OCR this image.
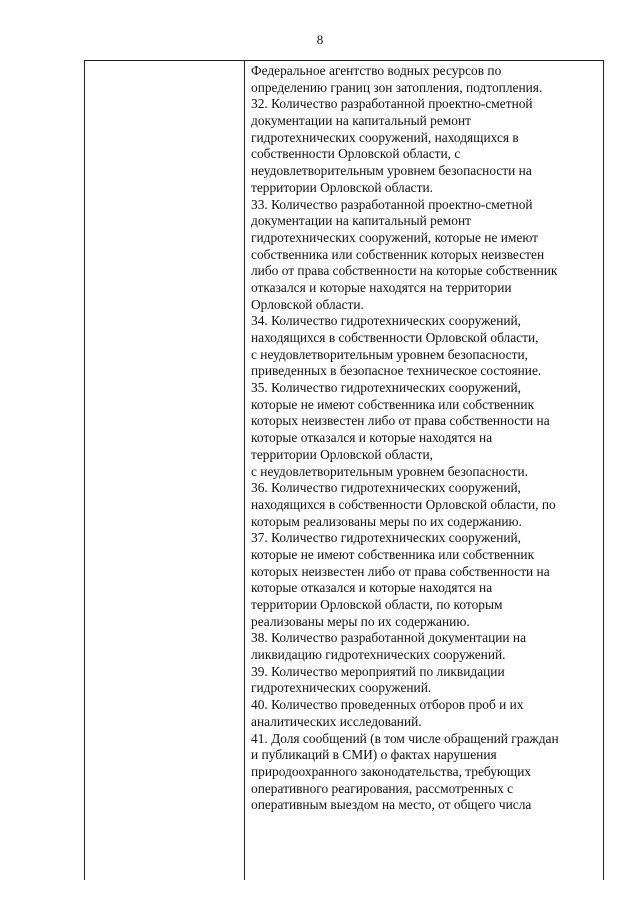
8
Федеральное агентство водных ресурсов по
определению границ зон затопления, подтопления.
32. Количество разработанной проектно-сметной
документации на капитальный ремонт
гидротехнических сооружений, находящихся в
собственности Орловской области, с
неудовлетворительным уровнем безопасности на
территории Орловской области.
33. Количество разработанной проектно-сметной
документации на капитальный ремонт
гидротехнических сооружений, которые не имеют
собственника или собственник которых неизвестен
либо от права собственности на которые собственник
отказался и которые находятся на территории
Орловской области.
34. Количество гидротехнических сооружений,
находящихся в собственности Орловской области,
с неудовлетворительным уровнем безопасности,
приведенных в безопасное техническое состояние.
35. Количество гидротехнических сооружений,
которые не имеют собственника или собственник
которых неизвестен либо от права собственности на
которые отказался и которые находятся на
территории Орловской области,
с неудовлетворительным уровнем безопасности.
36. Количество гидротехнических сооружений,
находящихся в собственности Орловской области, по
которым реализованы меры по их содержанию.
37. Количество гидротехнических сооружений,
которые не имеют собственника или собственник
которых неизвестен либо от права собственности на
которые отказался и которые находятся на
территории Орловской области, по которым
реализованы меры по их содержанию.
38. Количество разработанной документации на
ликвидацию гидротехнических сооружений.
39. Количество мероприятий по ликвидации
гидротехнических сооружений.
40. Количество проведенных отборов проб и их
аналитических исследований.
41. Доля сообщений (в том числе обращений граждан
и публикаций в СМИ) о фактах нарушения
природоохранного законодательства, требующих
оперативного реагирования, рассмотренных с
оперативным выездом на место, от общего числа
